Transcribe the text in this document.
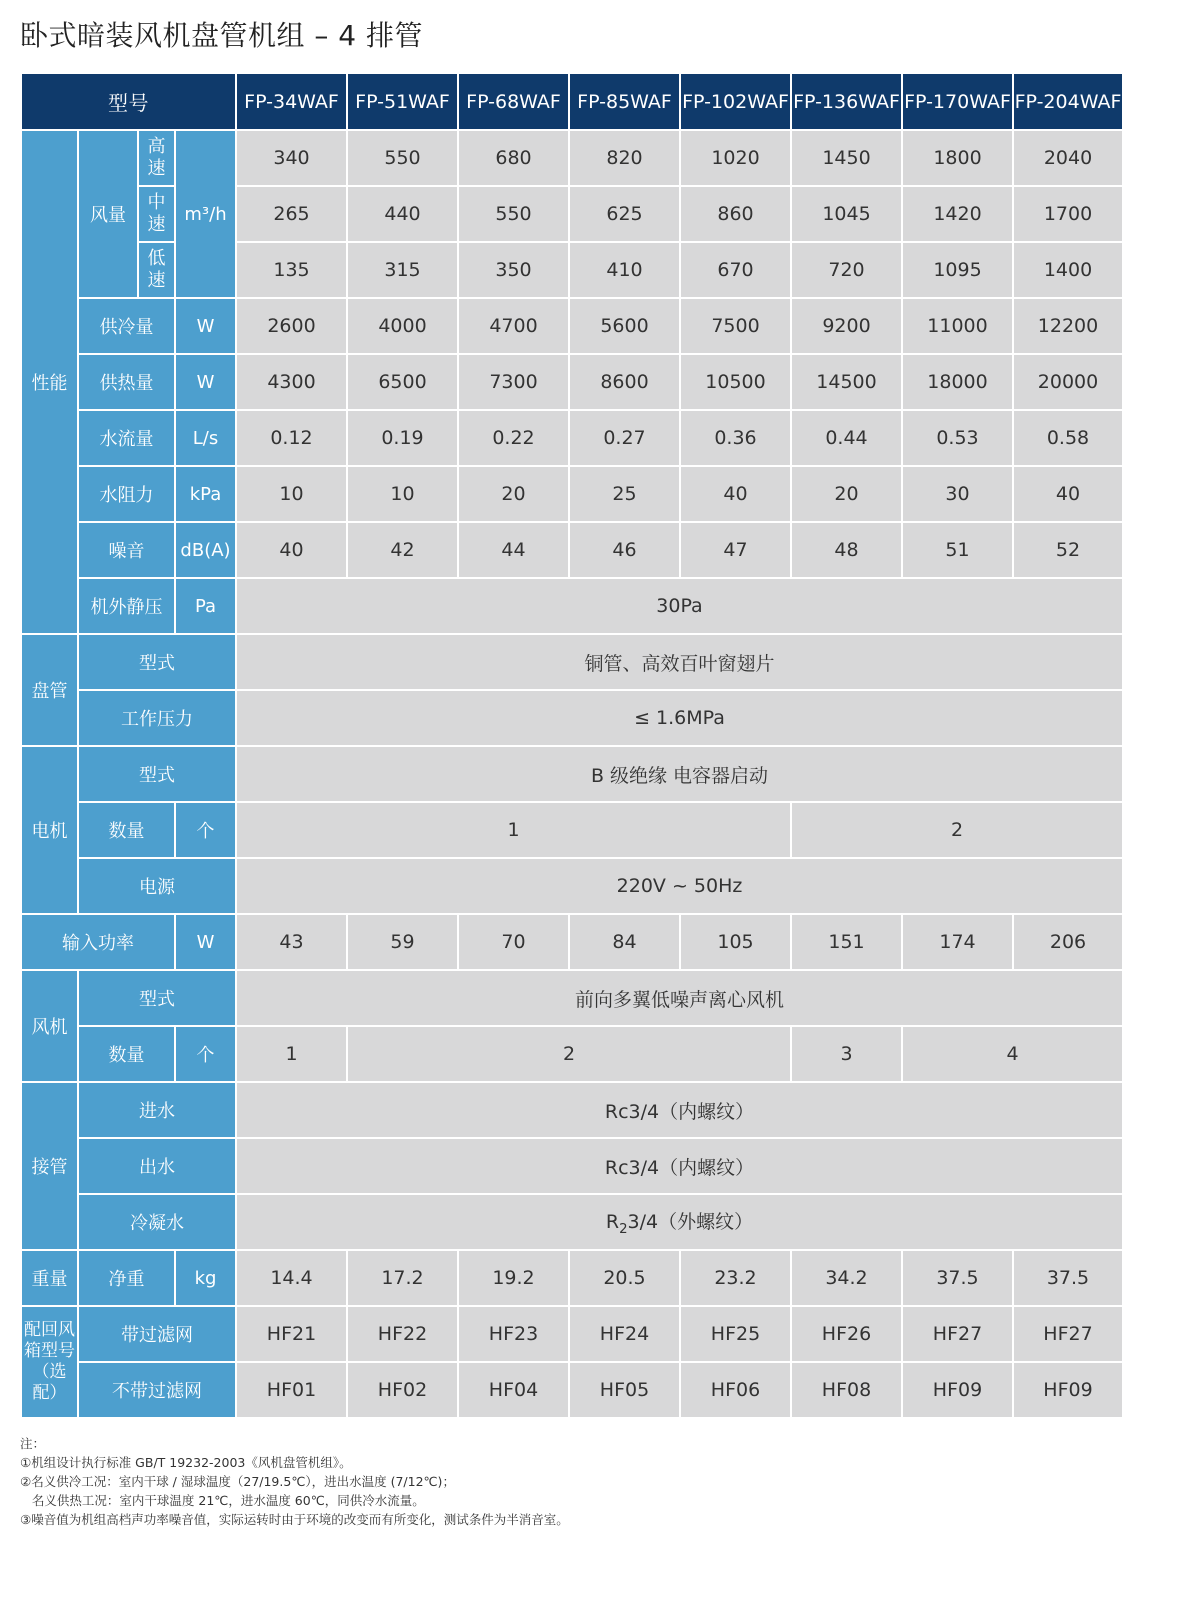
卧式暗装风机盘管机组 – 4 排管
型号				FP-34WAF	FP-51WAF	FP-68WAF	FP-85WAF	FP-102WAF	FP-136WAF	FP-170WAF	FP-204WAF
性能	风量	高速	m³/h	340	550	680	820	1020	1450	1800	2040
		中速		265	440	550	625	860	1045	1420	1700
		低速		135	315	350	410	670	720	1095	1400
	供冷量		W	2600	4000	4700	5600	7500	9200	11000	12200
	供热量		W	4300	6500	7300	8600	10500	14500	18000	20000
	水流量		L/s	0.12	0.19	0.22	0.27	0.36	0.44	0.53	0.58
	水阻力		kPa	10	10	20	25	40	20	30	40
	噪音		dB(A)	40	42	44	46	47	48	51	52
	机外静压		Pa	30Pa							
盘管	型式			铜管、高效百叶窗翅片							
	工作压力			≤ 1.6MPa							
电机	型式			B 级绝缘 电容器启动							
	数量		个	1					2		
	电源			220V ~ 50Hz							
输入功率			W	43	59	70	84	105	151	174	206
风机	型式			前向多翼低噪声离心风机							
	数量		个	1	2				3	4	
接管	进水			Rc3/4（内螺纹）							
	出水			Rc3/4（内螺纹）							
	冷凝水			$R_23/4$（外螺纹）							
重量	净重		kg	14.4	17.2	19.2	20.5	23.2	34.2	37.5	37.5
配回风箱型号（选配）	带过滤网			HF21	HF22	HF23	HF24	HF25	HF26	HF27	HF27
	不带过滤网			HF01	HF02	HF04	HF05	HF06	HF08	HF09	HF09
注：
①机组设计执行标准 GB/T 19232-2003《风机盘管机组》。
②名义供冷工况：室内干球 / 湿球温度（27/19.5℃），进出水温度 (7/12℃)；
名义供热工况：室内干球温度 21℃，进水温度 60℃，同供冷水流量。
③噪音值为机组高档声功率噪音值，实际运转时由于环境的改变而有所变化，测试条件为半消音室。
